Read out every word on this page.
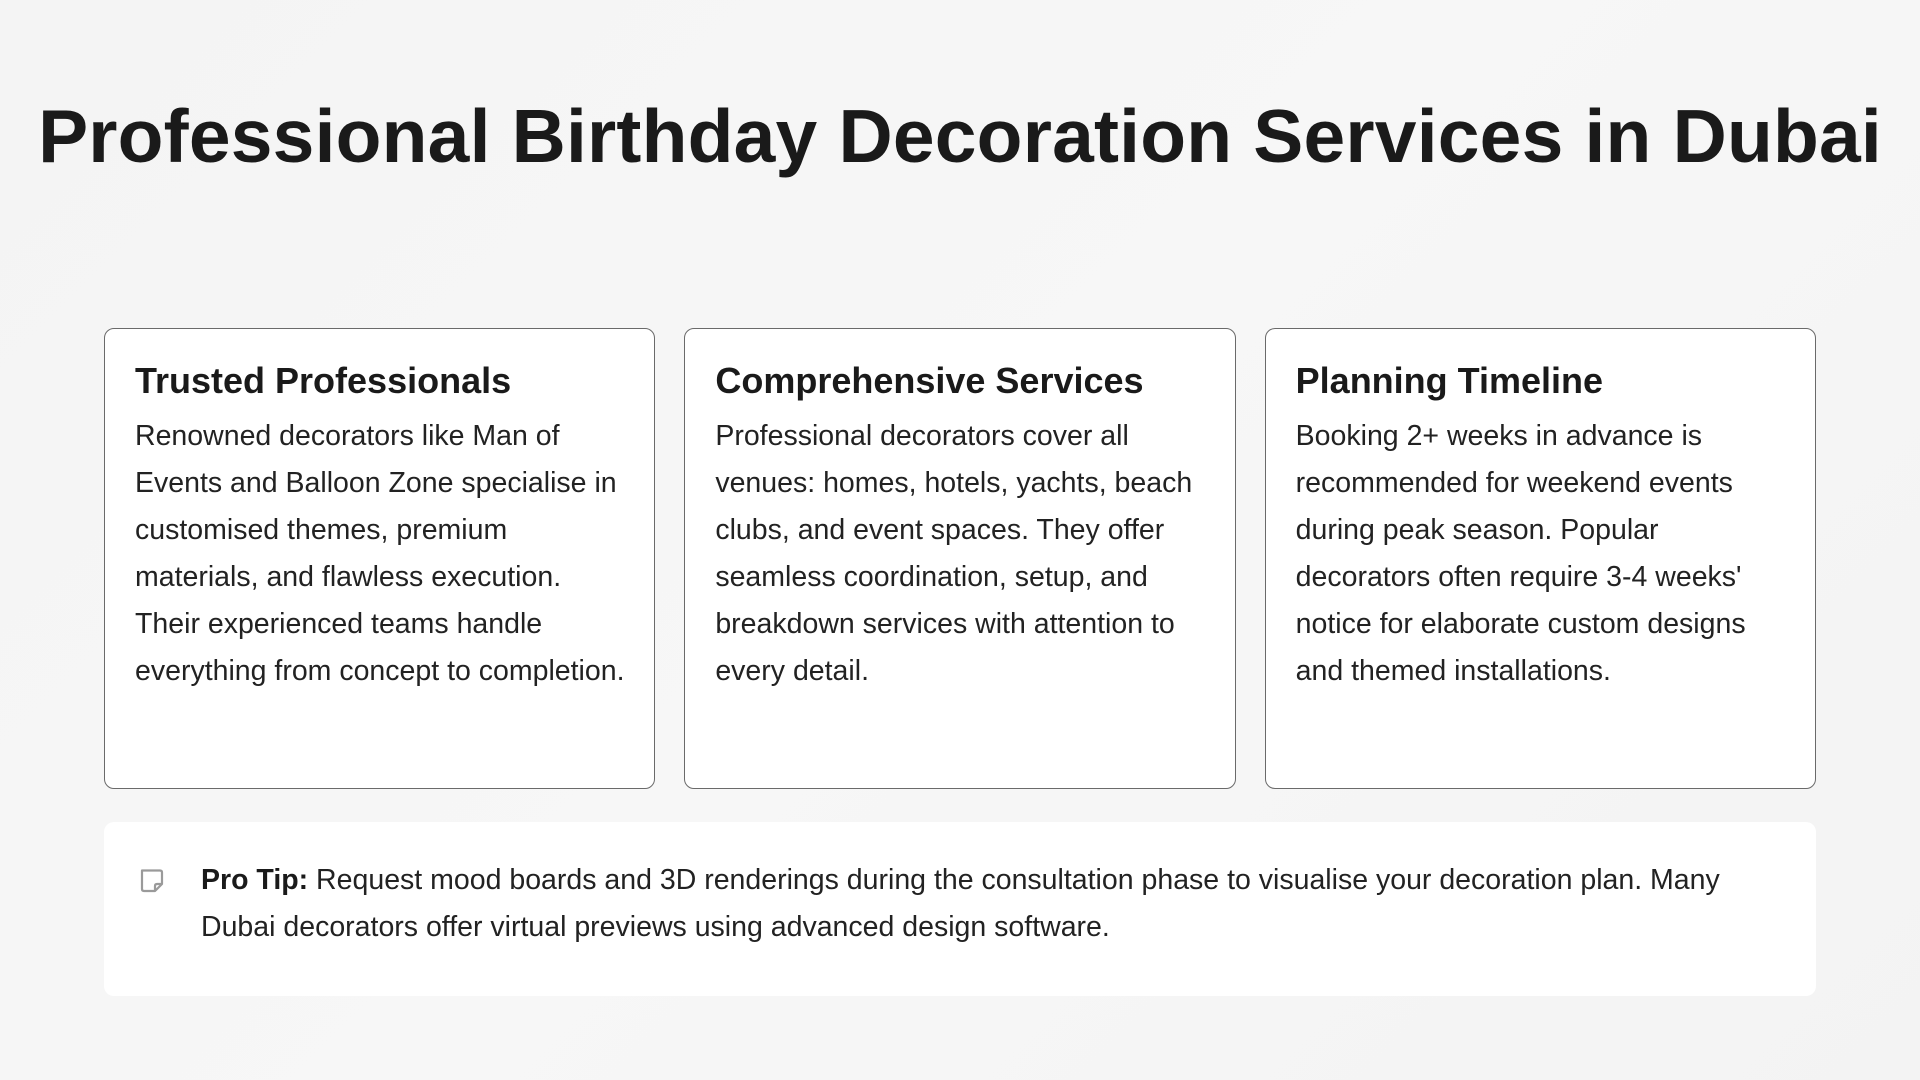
Professional Birthday Decoration Services in Dubai
Trusted Professionals

Renowned decorators like Man of Events and Balloon Zone specialise in customised themes, premium materials, and flawless execution. Their experienced teams handle everything from concept to completion.

Comprehensive Services

Professional decorators cover all venues: homes, hotels, yachts, beach clubs, and event spaces. They offer seamless coordination, setup, and breakdown services with attention to every detail.

Planning Timeline

Booking 2+ weeks in advance is recommended for weekend events during peak season. Popular decorators often require 3-4 weeks' notice for elaborate custom designs and themed installations.

Pro Tip: Request mood boards and 3D renderings during the consultation phase to visualise your decoration plan. Many Dubai decorators offer virtual previews using advanced design software.
